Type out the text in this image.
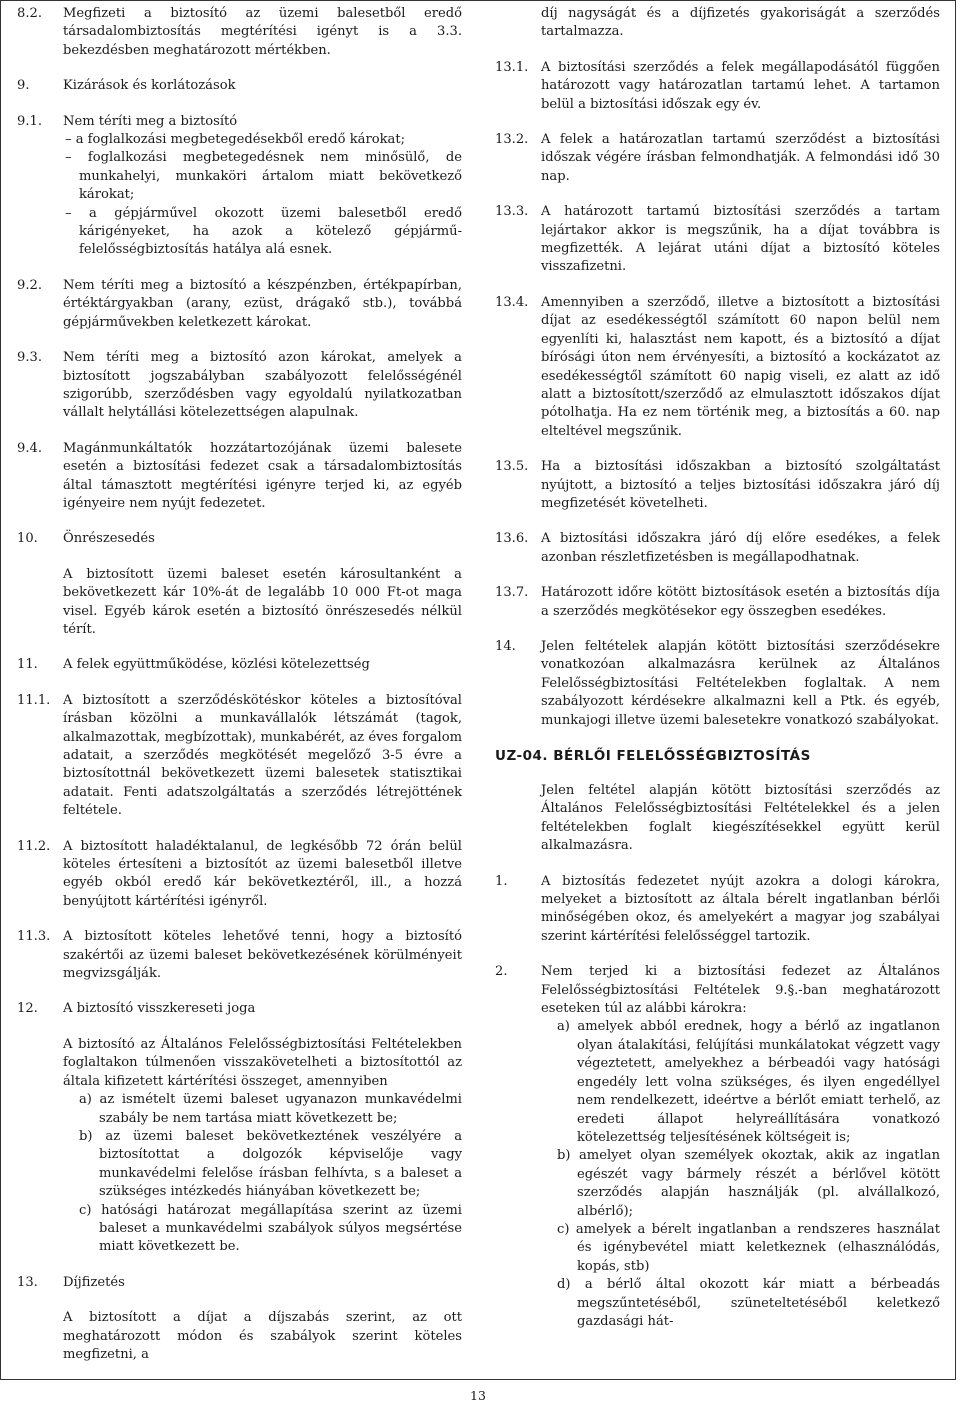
8.2.	Megfizeti a biztosító az üzemi balesetből eredő társadalombiztosítás megtérítési igényt is a 3.3. bekezdésben meghatározott mértékben.
9.	Kizárások és korlátozások
9.1.	Nem téríti meg a biztosító
– a foglalkozási megbetegedésekből eredő károkat;
– foglalkozási megbetegedésnek nem minősülő, de munkahelyi, munkaköri ártalom miatt bekövetkező károkat;
– a gépjárművel okozott üzemi balesetből eredő kárigényeket, ha azok a kötelező gépjármű-felelősségbiztosítás hatálya alá esnek.
9.2.	Nem téríti meg a biztosító a készpénzben, értékpapírban, értéktárgyakban (arany, ezüst, drágakő stb.), továbbá gépjárművekben keletkezett károkat.
9.3.	Nem téríti meg a biztosító azon károkat, amelyek a biztosított jogszabályban szabályozott felelősségénél szigorúbb, szerződésben vagy egyoldalú nyilatkozatban vállalt helytállási kötelezettségen alapulnak.
9.4.	Magánmunkáltatók hozzátartozójának üzemi balesete esetén a biztosítási fedezet csak a társadalombiztosítás által támasztott megtérítési igényre terjed ki, az egyéb igényeire nem nyújt fedezetet.
10.	Önrészesedés
A biztosított üzemi baleset esetén károsultanként a bekövetkezett kár 10%-át de legalább 10 000 Ft-ot maga visel. Egyéb károk esetén a biztosító önrészesedés nélkül térít.
11.	A felek együttműködése, közlési kötelezettség
11.1. A biztosított a szerződéskötéskor köteles a biztosítóval írásban közölni a munkavállalók létszámát (tagok, alkalmazottak, megbízottak), munkabérét, az éves forgalom adatait, a szerződés megkötését megelőző 3-5 évre a biztosítottnál bekövetkezett üzemi balesetek statisztikai adatait. Fenti adatszolgáltatás a szerződés létrejöttének feltétele.
11.2. A biztosított haladéktalanul, de legkésőbb 72 órán belül köteles értesíteni a biztosítót az üzemi balesetből illetve egyéb okból eredő kár bekövetkeztéről, ill., a hozzá benyújtott kártérítési igényről.
11.3. A biztosított köteles lehetővé tenni, hogy a biztosító szakértői az üzemi baleset bekövetkezésének körülményeit megvizsgálják.
12.	A biztosító visszkereseti joga
A biztosító az Általános Felelősségbiztosítási Feltételekben foglaltakon túlmenően visszakövetelheti a biztosítottól az általa kifizetett kártérítési összeget, amennyiben
a) az ismételt üzemi baleset ugyanazon munkavédelmi szabály be nem tartása miatt következett be;
b) az üzemi baleset bekövetkeztének veszélyére a biztosítottat a dolgozók képviselője vagy munkavédelmi felelőse írásban felhívta, s a baleset a szükséges intézkedés hiányában következett be;
c) hatósági határozat megállapítása szerint az üzemi baleset a munkavédelmi szabályok súlyos megsértése miatt következett be.
13.	Díjfizetés
A biztosított a díjat a díjszabás szerint, az ott meghatározott módon és szabályok szerint köteles megfizetni, a
díj nagyságát és a díjfizetés gyakoriságát a szerződés tartalmazza.
13.1. A biztosítási szerződés a felek megállapodásától függően határozott vagy határozatlan tartamú lehet. A tartamon belül a biztosítási időszak egy év.
13.2. A felek a határozatlan tartamú szerződést a biztosítási időszak végére írásban felmondhatják. A felmondási idő 30 nap.
13.3. A határozott tartamú biztosítási szerződés a tartam lejártakor akkor is megszűnik, ha a díjat továbbra is megfizették. A lejárat utáni díjat a biztosító köteles visszafizetni.
13.4. Amennyiben a szerződő, illetve a biztosított a biztosítási díjat az esedékességtől számított 60 napon belül nem egyenlíti ki, halasztást nem kapott, és a biztosító a díjat bírósági úton nem érvényesíti, a biztosító a kockázatot az esedékességtől számított 60 napig viseli, ez alatt az idő alatt a biztosított/szerződő az elmulasztott időszakos díjat pótolhatja. Ha ez nem történik meg, a biztosítás a 60. nap elteltével megszűnik.
13.5. Ha a biztosítási időszakban a biztosító szolgáltatást nyújtott, a biztosító a teljes biztosítási időszakra járó díj megfizetését követelheti.
13.6. A biztosítási időszakra járó díj előre esedékes, a felek azonban részletfizetésben is megállapodhatnak.
13.7. Határozott időre kötött biztosítások esetén a biztosítás díja a szerződés megkötésekor egy összegben esedékes.
14.	Jelen feltételek alapján kötött biztosítási szerződésekre vonatkozóan alkalmazásra kerülnek az Általános Felelősségbiztosítási Feltételekben foglaltak. A nem szabályozott kérdésekre alkalmazni kell a Ptk. és egyéb, munkajogi illetve üzemi balesetekre vonatkozó szabályokat.
UZ-04. BÉRLŐI FELELŐSSÉGBIZTOSÍTÁS
Jelen feltétel alapján kötött biztosítási szerződés az Általános Felelősségbiztosítási Feltételekkel és a jelen feltételekben foglalt kiegészítésekkel együtt kerül alkalmazásra.
1.	A biztosítás fedezetet nyújt azokra a dologi károkra, melyeket a biztosított az általa bérelt ingatlanban bérlői minőségében okoz, és amelyekért a magyar jog szabályai szerint kártérítési felelősséggel tartozik.
2.	Nem terjed ki a biztosítási fedezet az Általános Felelősségbiztosítási Feltételek 9.§.-ban meghatározott eseteken túl az alábbi károkra:
a) amelyek abból erednek, hogy a bérlő az ingatlanon olyan átalakítási, felújítási munkálatokat végzett vagy végeztetett, amelyekhez a bérbeadói vagy hatósági engedély lett volna szükséges, és ilyen engedéllyel nem rendelkezett, ideértve a bérlőt emiatt terhelő, az eredeti állapot helyreállítására vonatkozó kötelezettség teljesítésének költségeit is;
b) amelyet olyan személyek okoztak, akik az ingatlan egészét vagy bármely részét a bérlővel kötött szerződés alapján használják (pl. alvállalkozó, albérlő);
c) amelyek a bérelt ingatlanban a rendszeres használat és igénybevétel miatt keletkeznek (elhasználódás, kopás, stb)
d) a bérlő által okozott kár miatt a bérbeadás megszűntetéséből, szüneteltetéséből keletkező gazdasági hát-
13
